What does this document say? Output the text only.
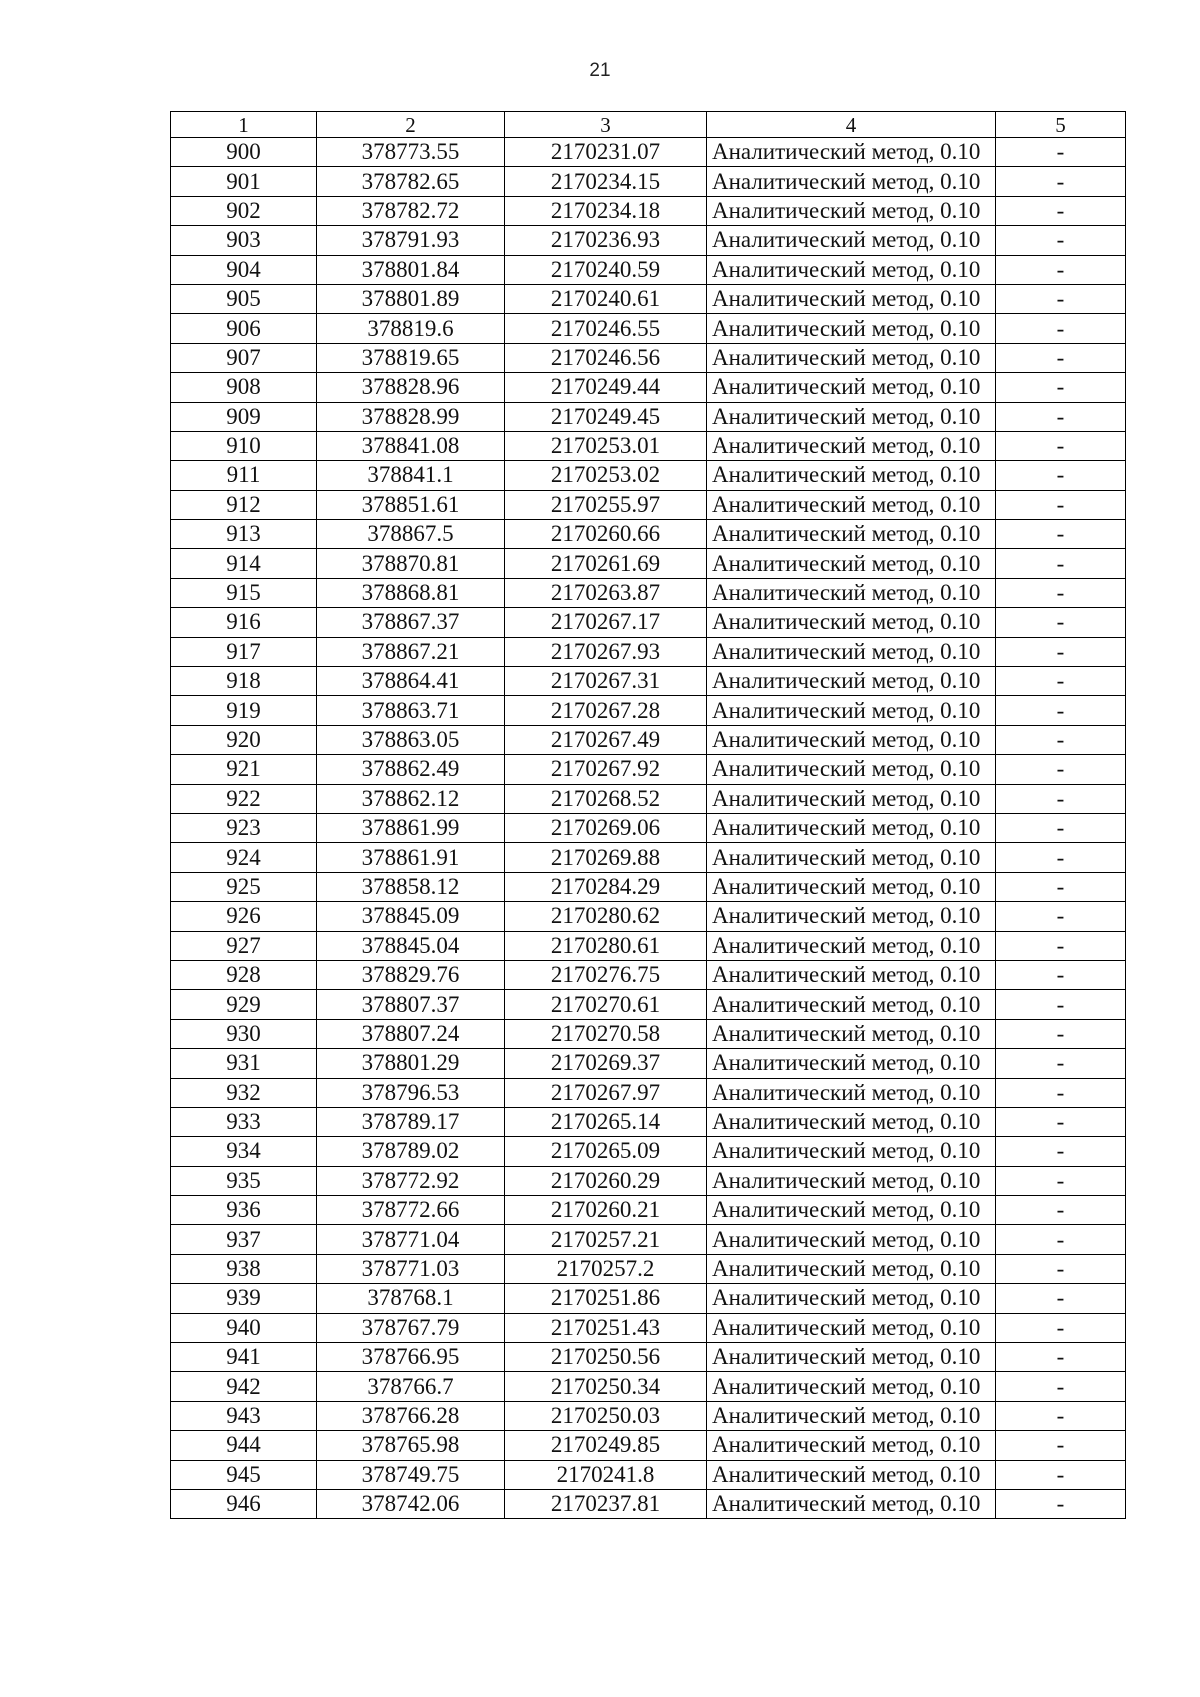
21
1	2	3	4	5
900	378773.55	2170231.07	Аналитический метод, 0.10	-
901	378782.65	2170234.15	Аналитический метод, 0.10	-
902	378782.72	2170234.18	Аналитический метод, 0.10	-
903	378791.93	2170236.93	Аналитический метод, 0.10	-
904	378801.84	2170240.59	Аналитический метод, 0.10	-
905	378801.89	2170240.61	Аналитический метод, 0.10	-
906	378819.6	2170246.55	Аналитический метод, 0.10	-
907	378819.65	2170246.56	Аналитический метод, 0.10	-
908	378828.96	2170249.44	Аналитический метод, 0.10	-
909	378828.99	2170249.45	Аналитический метод, 0.10	-
910	378841.08	2170253.01	Аналитический метод, 0.10	-
911	378841.1	2170253.02	Аналитический метод, 0.10	-
912	378851.61	2170255.97	Аналитический метод, 0.10	-
913	378867.5	2170260.66	Аналитический метод, 0.10	-
914	378870.81	2170261.69	Аналитический метод, 0.10	-
915	378868.81	2170263.87	Аналитический метод, 0.10	-
916	378867.37	2170267.17	Аналитический метод, 0.10	-
917	378867.21	2170267.93	Аналитический метод, 0.10	-
918	378864.41	2170267.31	Аналитический метод, 0.10	-
919	378863.71	2170267.28	Аналитический метод, 0.10	-
920	378863.05	2170267.49	Аналитический метод, 0.10	-
921	378862.49	2170267.92	Аналитический метод, 0.10	-
922	378862.12	2170268.52	Аналитический метод, 0.10	-
923	378861.99	2170269.06	Аналитический метод, 0.10	-
924	378861.91	2170269.88	Аналитический метод, 0.10	-
925	378858.12	2170284.29	Аналитический метод, 0.10	-
926	378845.09	2170280.62	Аналитический метод, 0.10	-
927	378845.04	2170280.61	Аналитический метод, 0.10	-
928	378829.76	2170276.75	Аналитический метод, 0.10	-
929	378807.37	2170270.61	Аналитический метод, 0.10	-
930	378807.24	2170270.58	Аналитический метод, 0.10	-
931	378801.29	2170269.37	Аналитический метод, 0.10	-
932	378796.53	2170267.97	Аналитический метод, 0.10	-
933	378789.17	2170265.14	Аналитический метод, 0.10	-
934	378789.02	2170265.09	Аналитический метод, 0.10	-
935	378772.92	2170260.29	Аналитический метод, 0.10	-
936	378772.66	2170260.21	Аналитический метод, 0.10	-
937	378771.04	2170257.21	Аналитический метод, 0.10	-
938	378771.03	2170257.2	Аналитический метод, 0.10	-
939	378768.1	2170251.86	Аналитический метод, 0.10	-
940	378767.79	2170251.43	Аналитический метод, 0.10	-
941	378766.95	2170250.56	Аналитический метод, 0.10	-
942	378766.7	2170250.34	Аналитический метод, 0.10	-
943	378766.28	2170250.03	Аналитический метод, 0.10	-
944	378765.98	2170249.85	Аналитический метод, 0.10	-
945	378749.75	2170241.8	Аналитический метод, 0.10	-
946	378742.06	2170237.81	Аналитический метод, 0.10	-
